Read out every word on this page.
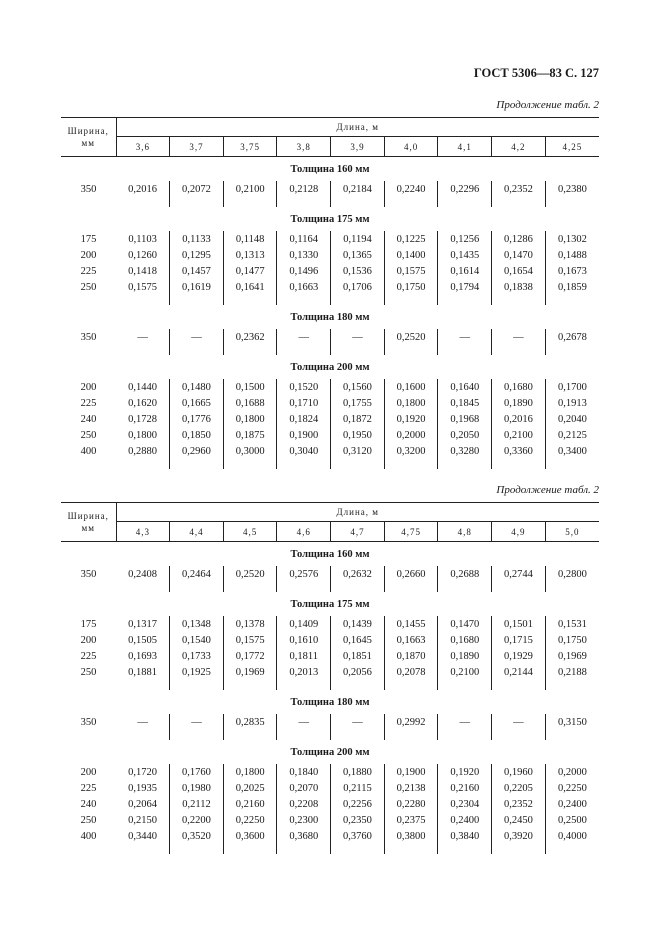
ГОСТ 5306—83 С. 127
Продолжение табл. 2
Ширина,
мм	Длина, м								
	3,6	3,7	3,75	3,8	3,9	4,0	4,1	4,2	4,25
Толщина 160 мм									
350	0,2016	0,2072	0,2100	0,2128	0,2184	0,2240	0,2296	0,2352	0,2380

Толщина 175 мм									
175	0,1103	0,1133	0,1148	0,1164	0,1194	0,1225	0,1256	0,1286	0,1302
200	0,1260	0,1295	0,1313	0,1330	0,1365	0,1400	0,1435	0,1470	0,1488
225	0,1418	0,1457	0,1477	0,1496	0,1536	0,1575	0,1614	0,1654	0,1673
250	0,1575	0,1619	0,1641	0,1663	0,1706	0,1750	0,1794	0,1838	0,1859

Толщина 180 мм									
350	—	—	0,2362	—	—	0,2520	—	—	0,2678

Толщина 200 мм									
200	0,1440	0,1480	0,1500	0,1520	0,1560	0,1600	0,1640	0,1680	0,1700
225	0,1620	0,1665	0,1688	0,1710	0,1755	0,1800	0,1845	0,1890	0,1913
240	0,1728	0,1776	0,1800	0,1824	0,1872	0,1920	0,1968	0,2016	0,2040
250	0,1800	0,1850	0,1875	0,1900	0,1950	0,2000	0,2050	0,2100	0,2125
400	0,2880	0,2960	0,3000	0,3040	0,3120	0,3200	0,3280	0,3360	0,3400

Продолжение табл. 2
Ширина,
мм	Длина, м								
	4,3	4,4	4,5	4,6	4,7	4,75	4,8	4,9	5,0
Толщина 160 мм									
350	0,2408	0,2464	0,2520	0,2576	0,2632	0,2660	0,2688	0,2744	0,2800

Толщина 175 мм									
175	0,1317	0,1348	0,1378	0,1409	0,1439	0,1455	0,1470	0,1501	0,1531
200	0,1505	0,1540	0,1575	0,1610	0,1645	0,1663	0,1680	0,1715	0,1750
225	0,1693	0,1733	0,1772	0,1811	0,1851	0,1870	0,1890	0,1929	0,1969
250	0,1881	0,1925	0,1969	0,2013	0,2056	0,2078	0,2100	0,2144	0,2188

Толщина 180 мм									
350	—	—	0,2835	—	—	0,2992	—	—	0,3150

Толщина 200 мм									
200	0,1720	0,1760	0,1800	0,1840	0,1880	0,1900	0,1920	0,1960	0,2000
225	0,1935	0,1980	0,2025	0,2070	0,2115	0,2138	0,2160	0,2205	0,2250
240	0,2064	0,2112	0,2160	0,2208	0,2256	0,2280	0,2304	0,2352	0,2400
250	0,2150	0,2200	0,2250	0,2300	0,2350	0,2375	0,2400	0,2450	0,2500
400	0,3440	0,3520	0,3600	0,3680	0,3760	0,3800	0,3840	0,3920	0,4000
